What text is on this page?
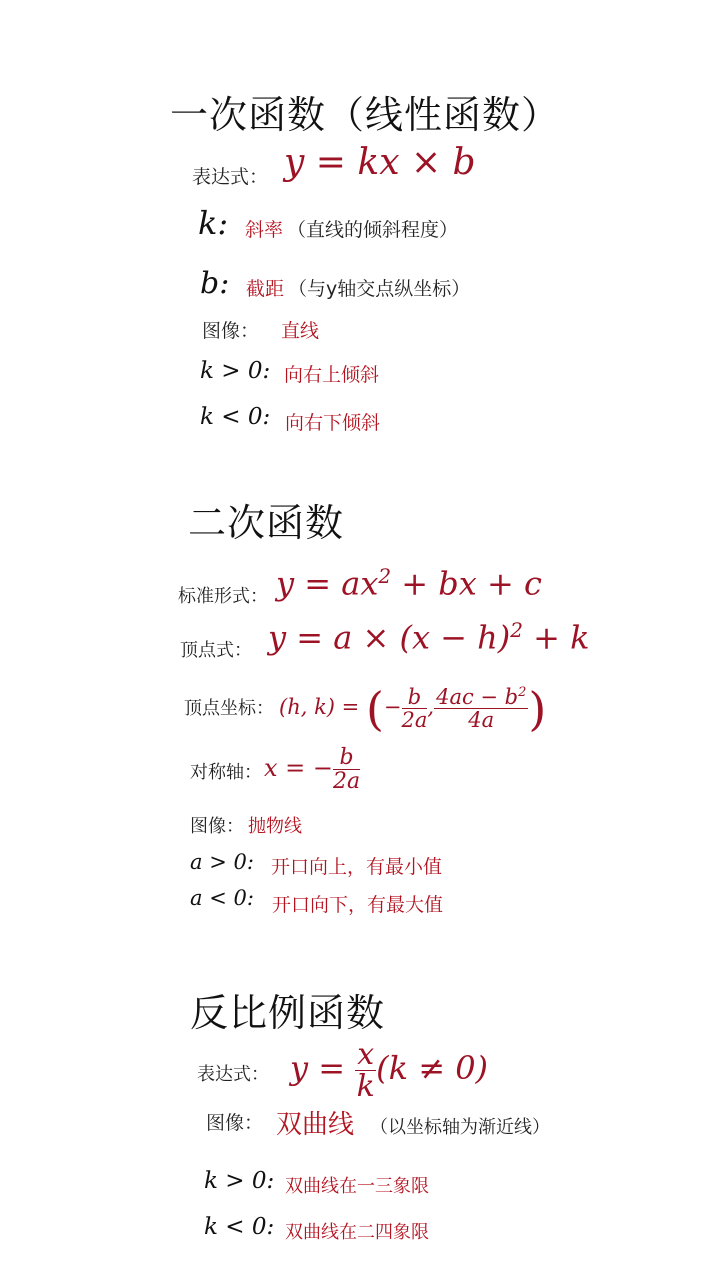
一次函数（线性函数）
表达式： y = kx × b
k: 斜率 （直线的倾斜程度）
b: 截距 （与y轴交点纵坐标）
图像： 直线
k > 0: 向右上倾斜
k < 0: 向右下倾斜
二次函数
标准形式： $y = ax^2$ + bx + c
顶点式： $y = a \times (x - h)^2 + k$
顶点坐标： (h, k) = (− $\frac{b}{2a}$ , $\frac{4ac - b^2}{4a}$ )
对称轴： x = − $\frac{b}{2a}$
图像： 抛物线
a > 0: 开口向上，有最小值
a < 0: 开口向下，有最大值
反比例函数
表达式： $y = \frac{x}{k} (k \ne 0)$
图像： 双曲线 （以坐标轴为渐近线）
k > 0: 双曲线在一三象限
k < 0: 双曲线在二四象限
